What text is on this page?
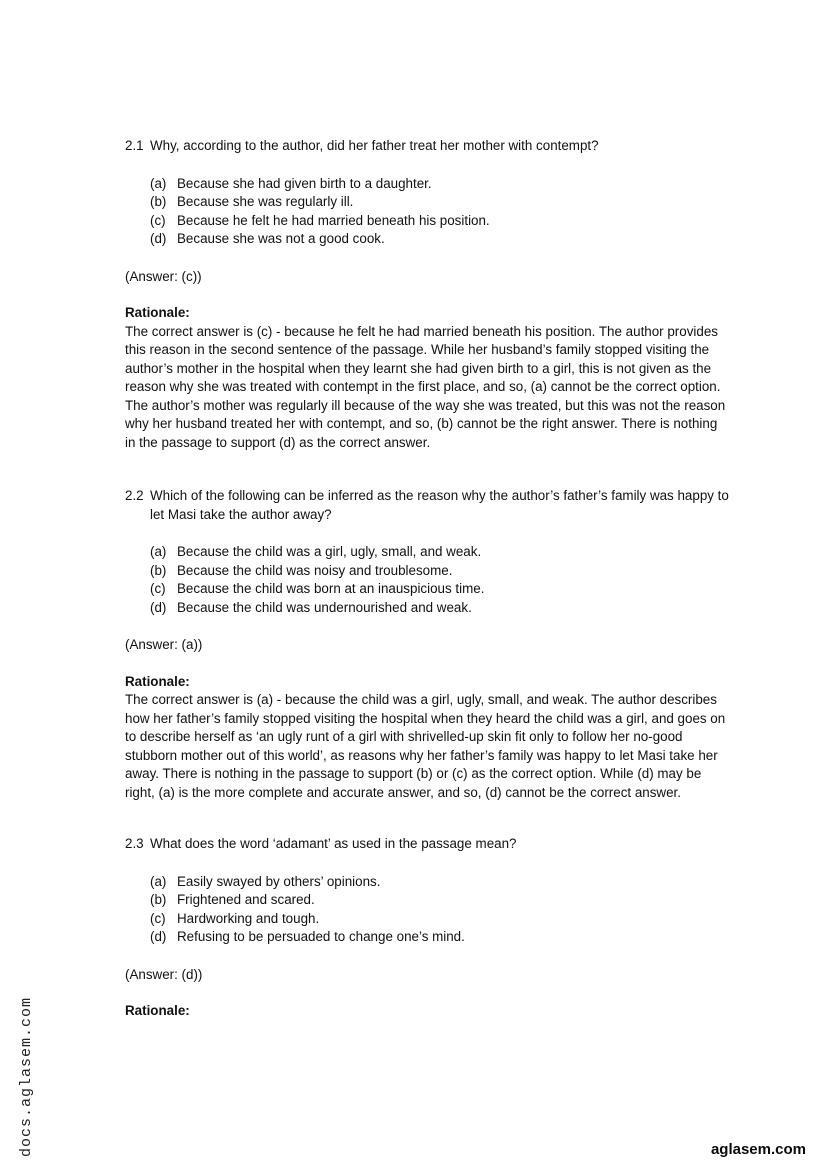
2.1 Why, according to the author, did her father treat her mother with contempt?
(a) Because she had given birth to a daughter.
(b) Because she was regularly ill.
(c) Because he felt he had married beneath his position.
(d) Because she was not a good cook.

(Answer: (c))

Rationale:
The correct answer is (c) - because he felt he had married beneath his position. The author provides this reason in the second sentence of the passage. While her husband’s family stopped visiting the author’s mother in the hospital when they learnt she had given birth to a girl, this is not given as the reason why she was treated with contempt in the first place, and so, (a) cannot be the correct option. The author’s mother was regularly ill because of the way she was treated, but this was not the reason why her husband treated her with contempt, and so, (b) cannot be the right answer. There is nothing in the passage to support (d) as the correct answer.
2.2 Which of the following can be inferred as the reason why the author’s father’s family was happy to let Masi take the author away?
(a) Because the child was a girl, ugly, small, and weak.
(b) Because the child was noisy and troublesome.
(c) Because the child was born at an inauspicious time.
(d) Because the child was undernourished and weak.

(Answer: (a))

Rationale:
The correct answer is (a) - because the child was a girl, ugly, small, and weak. The author describes how her father’s family stopped visiting the hospital when they heard the child was a girl, and goes on to describe herself as ‘an ugly runt of a girl with shrivelled-up skin fit only to follow her no-good stubborn mother out of this world’, as reasons why her father’s family was happy to let Masi take her away. There is nothing in the passage to support (b) or (c) as the correct option. While (d) may be right, (a) is the more complete and accurate answer, and so, (d) cannot be the correct answer.
2.3 What does the word ‘adamant’ as used in the passage mean?
(a) Easily swayed by others’ opinions.
(b) Frightened and scared.
(c) Hardworking and tough.
(d) Refusing to be persuaded to change one’s mind.

(Answer: (d))

Rationale:
docs.aglasem.com	aglasem.com
